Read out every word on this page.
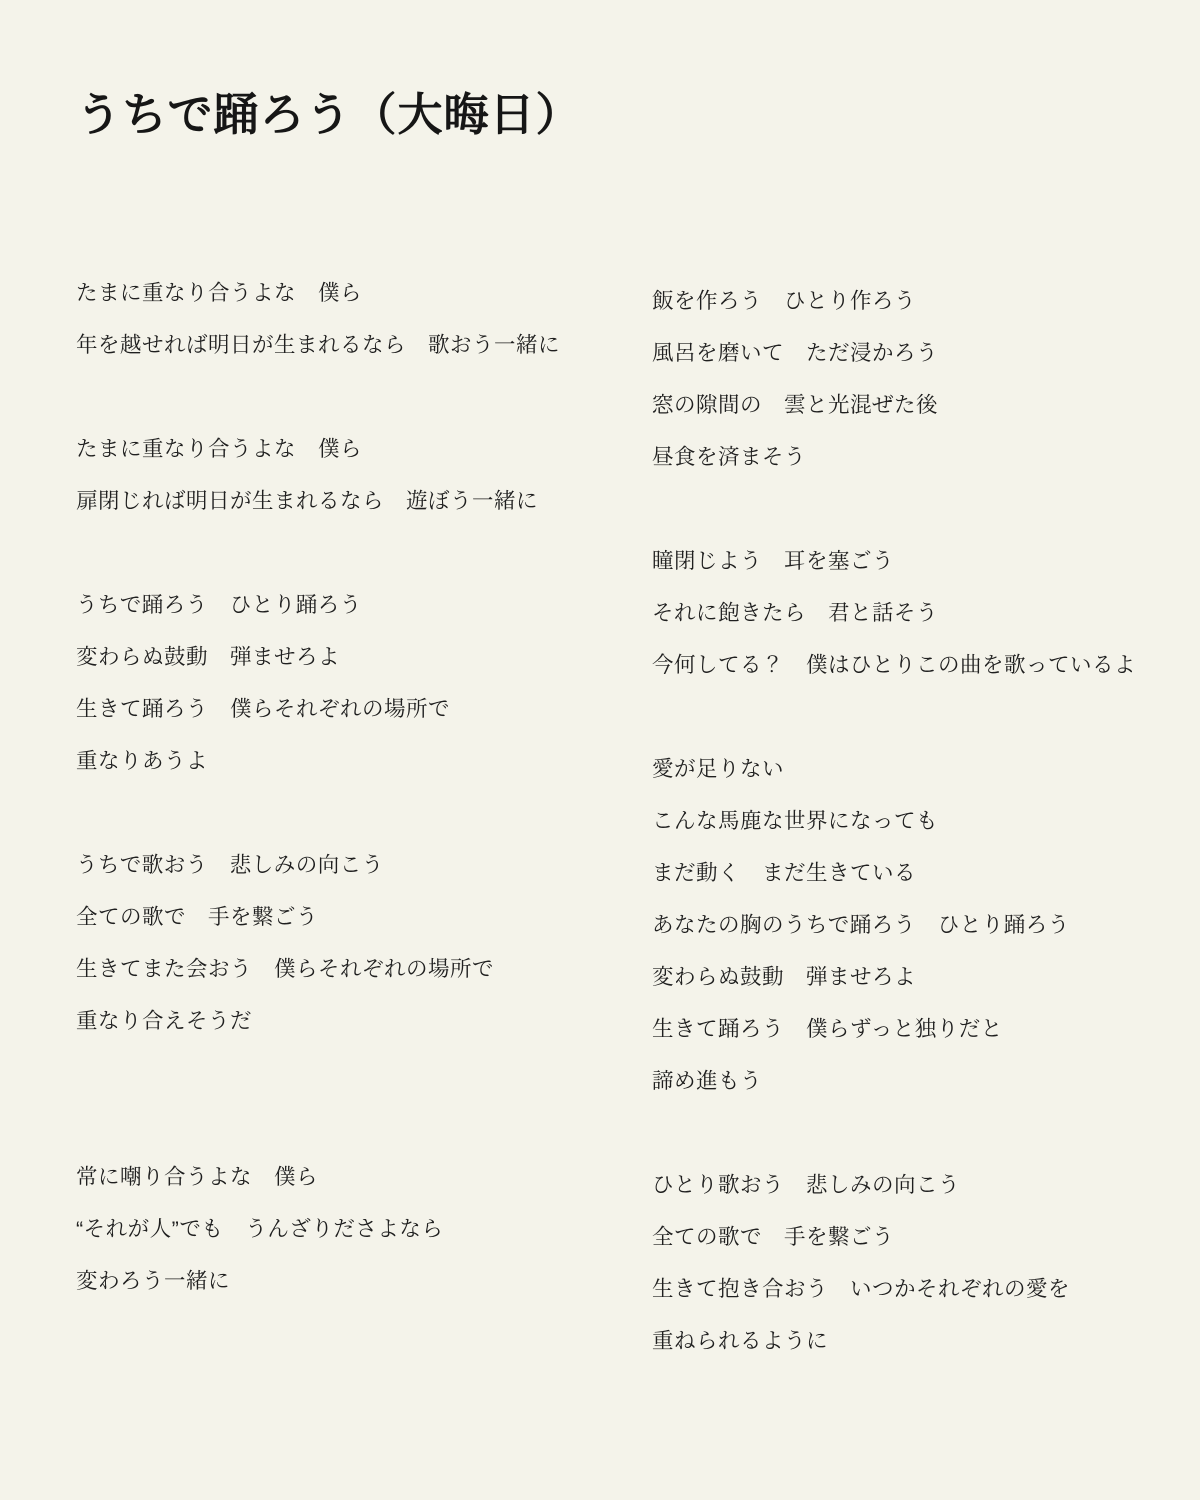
うちで踊ろう（大晦日）

たまに重なり合うよな　僕ら

年を越せれば明日が生まれるなら　歌おう一緒に

たまに重なり合うよな　僕ら

扉閉じれば明日が生まれるなら　遊ぼう一緒に

うちで踊ろう　ひとり踊ろう

変わらぬ鼓動　弾ませろよ

生きて踊ろう　僕らそれぞれの場所で

重なりあうよ

うちで歌おう　悲しみの向こう

全ての歌で　手を繋ごう

生きてまた会おう　僕らそれぞれの場所で

重なり合えそうだ

常に嘲り合うよな　僕ら

“それが人”でも　うんざりださよなら

変わろう一緒に

飯を作ろう　ひとり作ろう

風呂を磨いて　ただ浸かろう

窓の隙間の　雲と光混ぜた後

昼食を済まそう

瞳閉じよう　耳を塞ごう

それに飽きたら　君と話そう

今何してる？　僕はひとりこの曲を歌っているよ

愛が足りない

こんな馬鹿な世界になっても

まだ動く　まだ生きている

あなたの胸のうちで踊ろう　ひとり踊ろう

変わらぬ鼓動　弾ませろよ

生きて踊ろう　僕らずっと独りだと

諦め進もう

ひとり歌おう　悲しみの向こう

全ての歌で　手を繋ごう

生きて抱き合おう　いつかそれぞれの愛を

重ねられるように
